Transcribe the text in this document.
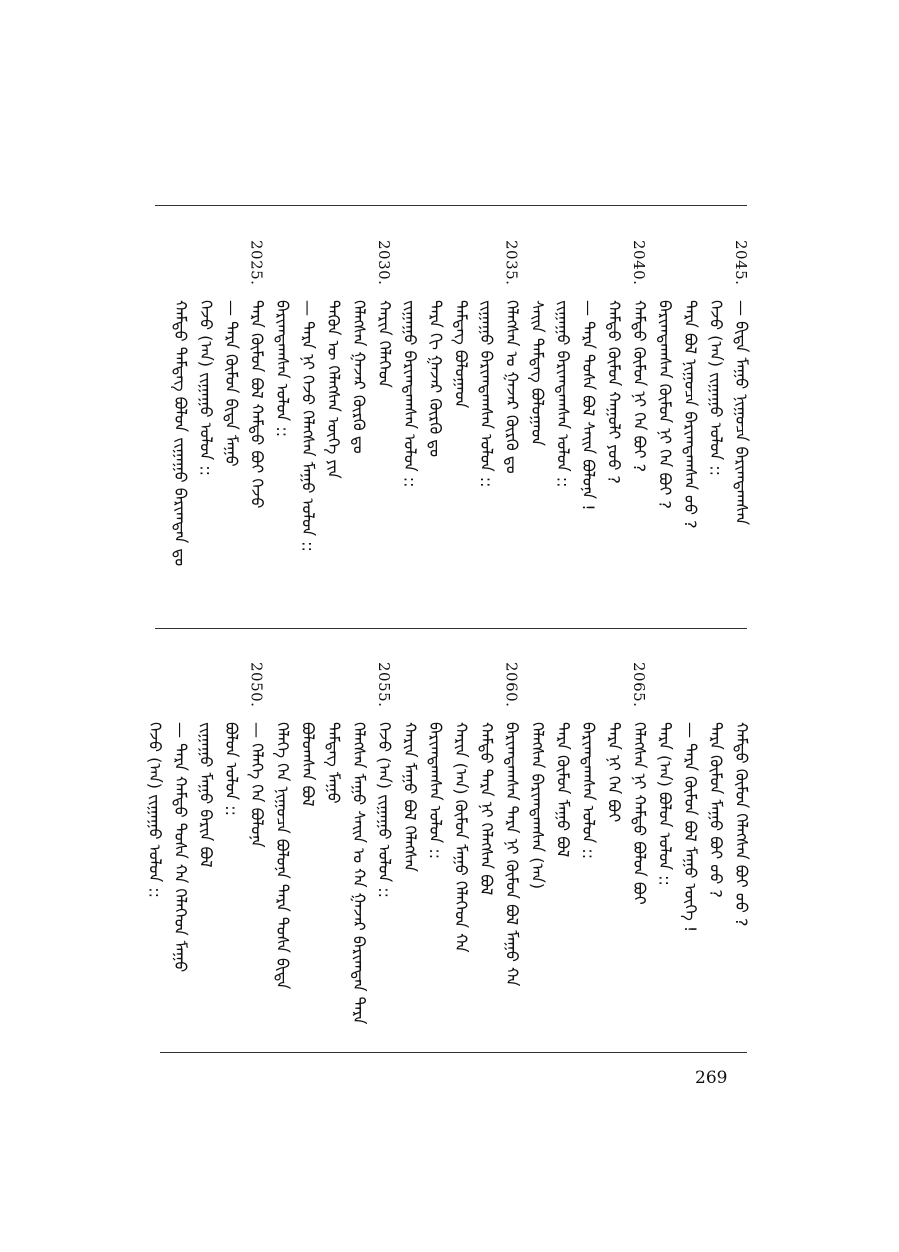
2045.
— ᠪᠢᠳᠡ ᠮᠠᠭᠤ ᠨᠢᠭᠤᠴᠠ ᠪᠠᠷᠢᠭᠳᠠᠭᠰᠠᠨ
ᠭᠡᠵᠦ (ᠠᠨ) ᠵᠢᠭᠠᠭᠤ ᠣᠯᠣᠨ ::
ᠲᠡᠷᠡ ᠪᠣᠯ ᠨᠢᠭᠤᠴᠠ ᠪᠠᠷᠢᠭᠳᠠᠭᠰᠠᠨ ᠤᠤ ?
ᠪᠠᠷᠢᠭᠳᠠᠭᠰᠠᠨ ᠬᠦᠮᠦᠨ ᠨᠢ ᠬᠡᠨ ᠪᠤᠢ ?
2040.
ᠬᠠᠮᠲᠤ ᠬᠦᠮᠦᠨ ᠨᠢ ᠬᠡᠨ ᠪᠤᠢ ?
ᠬᠠᠮᠲᠤ ᠬᠦᠮᠦᠨ ᠬᠠᠭᠤᠯᠢ ᠶᠤᠤ ?
— ᠲᠡᠷᠡ ᠲᠤᠰᠠ ᠪᠣᠯ ᠰᠠᠢᠨ ᠪᠣᠯᠤᠨᠠ !
ᠵᠢᠭᠠᠭᠤ ᠪᠠᠷᠢᠭᠳᠠᠭᠰᠠᠨ ᠣᠯᠣᠨ ::
ᠰᠠᠢᠨ ᠲᠡᠮᠳᠡᠭ ᠪᠣᠯᠤᠭᠠᠳ
2035.
ᠬᠡᠯᠡᠭᠰᠡᠨ ᠤ ᠭᠠᠵᠠᠷ ᠬᠦᠷᠬᠦ ᠳᠤ
ᠵᠢᠭᠠᠭᠤ ᠪᠠᠷᠢᠭᠳᠠᠭᠰᠠᠨ ᠣᠯᠣᠨ ::
ᠲᠡᠮᠳᠡᠭ ᠪᠣᠯᠤᠭᠠᠳ
ᠲᠡᠷᠡ ᠬᠢ ᠭᠠᠵᠠᠷ ᠬᠦᠷᠬᠦ ᠳᠤ
ᠵᠢᠭᠠᠭᠤ ᠪᠠᠷᠢᠭᠳᠠᠭᠰᠠᠨ ᠣᠯᠣᠨ ::
2030.
ᠬᠠᠷᠢᠨ ᠬᠡᠯᠡᠭᠡᠳ
ᠬᠡᠯᠡᠭᠰᠡᠨ ᠭᠠᠵᠠᠷ ᠬᠦᠷᠬᠦ ᠳᠤ
ᠲᠡᠭᠦᠨ ᠦ ᠬᠡᠯᠡᠭᠰᠡᠨ ᠦᠭᠡ ᠶᠢᠨ
— ᠲᠡᠷᠡ ᠨᠢ ᠭᠡᠵᠦ ᠬᠡᠯᠡᠭᠰᠡᠨ ᠮᠠᠭᠤ ᠣᠯᠣᠨ ::
ᠪᠠᠷᠢᠭᠳᠠᠭᠰᠠᠨ ᠣᠯᠣᠨ ::
2025.
ᠲᠡᠷᠡ ᠬᠦᠮᠦᠨ ᠪᠣᠯ ᠬᠠᠮᠲᠤ ᠪᠤᠢ ᠭᠡᠵᠦ
— ᠲᠡᠷᠡ ᠬᠦᠮᠦᠨ ᠪᠢᠳᠡ ᠮᠠᠭᠤ
ᠭᠡᠵᠦ (ᠠᠨ) ᠵᠢᠭᠠᠭᠤ ᠣᠯᠣᠨ ::
ᠬᠠᠮᠲᠤ ᠲᠡᠮᠳᠡᠭ ᠪᠣᠯᠤᠨ ᠵᠢᠭᠠᠭᠤ ᠪᠠᠷᠢᠭᠳᠠᠨ ᠳᠤ
ᠬᠠᠮᠲᠤ ᠬᠦᠮᠦᠨ ᠬᠡᠯᠡᠭᠰᠡᠨ ᠪᠤᠢ ᠤᠤ ?
ᠲᠡᠷᠡ ᠬᠦᠮᠦᠨ ᠮᠠᠭᠤ ᠪᠤᠢ ᠤᠤ ?
— ᠲᠡᠷᠡ ᠬᠦᠮᠦᠨ ᠪᠣᠯ ᠮᠠᠭᠤ ᠦᠭᠡ !
ᠲᠡᠷᠡ (ᠠᠨ) ᠪᠣᠯᠣᠨ ᠣᠯᠣᠨ ::
2065.
ᠬᠡᠯᠡᠭᠰᠡᠨ ᠨᠢ ᠬᠠᠮᠲᠤ ᠪᠣᠯᠤᠨ ᠪᠤᠢ
ᠲᠡᠷᠡ ᠨᠢ ᠬᠡᠨ ᠪᠤᠢ
ᠪᠠᠷᠢᠭᠳᠠᠭᠰᠠᠨ ᠣᠯᠣᠨ ::
ᠲᠡᠷᠡ ᠬᠦᠮᠦᠨ ᠮᠠᠭᠤ ᠪᠣᠯ
ᠬᠡᠯᠡᠭᠰᠡᠨ ᠪᠠᠷᠢᠭᠳᠠᠭᠰᠠᠨ (ᠠᠨ)
2060.
ᠪᠠᠷᠢᠭᠳᠠᠭᠰᠠᠨ ᠲᠡᠷᠡ ᠨᠢ ᠬᠦᠮᠦᠨ ᠪᠣᠯ ᠮᠠᠭᠤ ᠬᠠ
ᠬᠠᠮᠲᠤ ᠲᠡᠷᠡ ᠨᠢ ᠬᠡᠯᠡᠭᠰᠡᠨ ᠪᠣᠯ
ᠬᠠᠷᠢᠨ (ᠠᠨ) ᠬᠦᠮᠦᠨ ᠮᠠᠭᠤ ᠬᠡᠯᠡᠭᠡᠳ ᠬᠠ
ᠪᠠᠷᠢᠭᠳᠠᠭᠰᠠᠨ ᠣᠯᠣᠨ ::
ᠬᠠᠷᠢᠨ ᠮᠠᠭᠤ ᠪᠣᠯ ᠬᠡᠯᠡᠭᠰᠡᠨ
2055.
ᠭᠡᠵᠦ (ᠠᠨ) ᠵᠢᠭᠠᠭᠤ ᠣᠯᠣᠨ ::
ᠬᠡᠯᠡᠭᠰᠡᠨ ᠮᠠᠭᠤ ᠰᠠᠢᠨ ᠤ ᠬᠠ ᠭᠠᠵᠠᠷ ᠪᠠᠷᠢᠭᠳᠠᠨ ᠲᠡᠷᠡ
ᠲᠡᠮᠳᠡᠭ ᠮᠠᠭᠤ
ᠪᠣᠯᠤᠭᠰᠠᠨ ᠪᠣᠯ
ᠬᠡᠯᠡᠭᠡ ᠬᠡᠨ ᠨᠢᠭᠤᠴᠠ ᠪᠣᠯᠤᠨᠠ ᠲᠡᠷᠡ ᠲᠤᠰᠠ ᠪᠢᠳᠡ
2050.
— ᠬᠡᠯᠡᠭᠡ ᠬᠡᠨ ᠪᠣᠯᠤᠨᠠ
ᠪᠣᠯᠤᠨ ᠣᠯᠣᠨ ::
ᠵᠢᠭᠠᠭᠤ ᠮᠠᠭᠤ ᠪᠠᠷᠢᠨ ᠪᠣᠯ
— ᠲᠡᠷᠡ ᠬᠠᠮᠲᠤ ᠲᠤᠰᠠ ᠬᠠ ᠬᠡᠯᠡᠭᠡᠳ ᠮᠠᠭᠤ
ᠭᠡᠵᠦ (ᠠᠨ) ᠵᠢᠭᠠᠭᠤ ᠣᠯᠣᠨ ::
269
